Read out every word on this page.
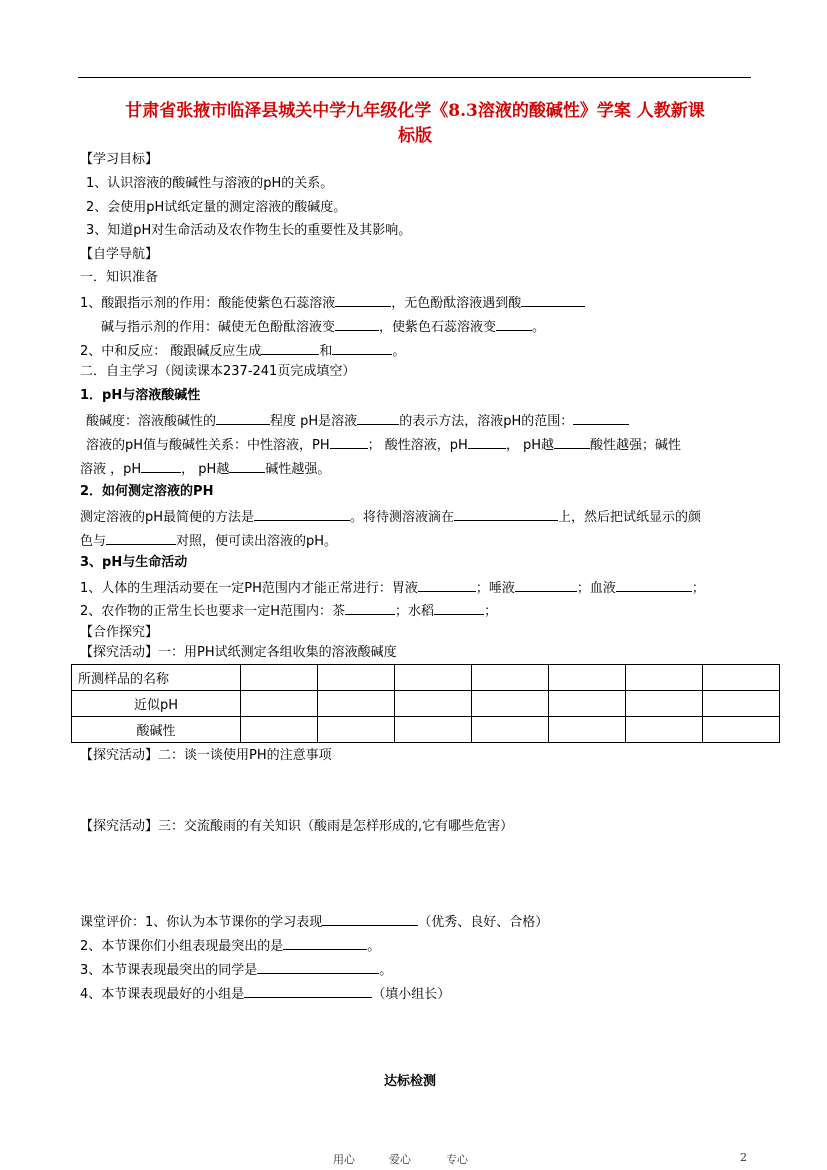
甘肃省张掖市临泽县城关中学九年级化学《8.3溶液的酸碱性》学案 人教新课
标版
【学习目标】
1、认识溶液的酸碱性与溶液的pH的关系。
2、会使用pH试纸定量的测定溶液的酸碱度。
3、知道pH对生命活动及农作物生长的重要性及其影响。
【自学导航】
一．知识准备
1、酸跟指示剂的作用：酸能使紫色石蕊溶液	，无色酚酞溶液遇到酸
碱与指示剂的作用：碱使无色酚酞溶液变	，使紫色石蕊溶液变	。
2、中和反应： 酸跟碱反应生成	和	。
二．自主学习（阅读课本237-241页完成填空）
1．pH与溶液酸碱性
酸碱度：溶液酸碱性的	程度 pH是溶液	的表示方法，溶液pH的范围：
溶液的pH值与酸碱性关系：中性溶液，PH	； 酸性溶液，pH	， pH越	酸性越强；碱性
溶液 ，pH	， pH越	碱性越强。
2．如何测定溶液的PH
测定溶液的pH最简便的方法是	。将待测溶液滴在	上，然后把试纸显示的颜
色与	对照，便可读出溶液的pH。
3、pH与生命活动
1、人体的生理活动要在一定PH范围内才能正常进行：胃液	；唾液	；血液	；
2、农作物的正常生长也要求一定H范围内：茶	；水稻	；
【合作探究】
【探究活动】一：用PH试纸测定各组收集的溶液酸碱度
所测样品的名称							
近似pH							
酸碱性							
【探究活动】二：谈一谈使用PH的注意事项
【探究活动】三：交流酸雨的有关知识（酸雨是怎样形成的,它有哪些危害）
课堂评价：1、你认为本节课你的学习表现	（优秀、良好、合格）
2、本节课你们小组表现最突出的是	。
3、本节课表现最突出的同学是	。
4、本节课表现最好的小组是	（填小组长）
达标检测
用心	爱心	专心	2
